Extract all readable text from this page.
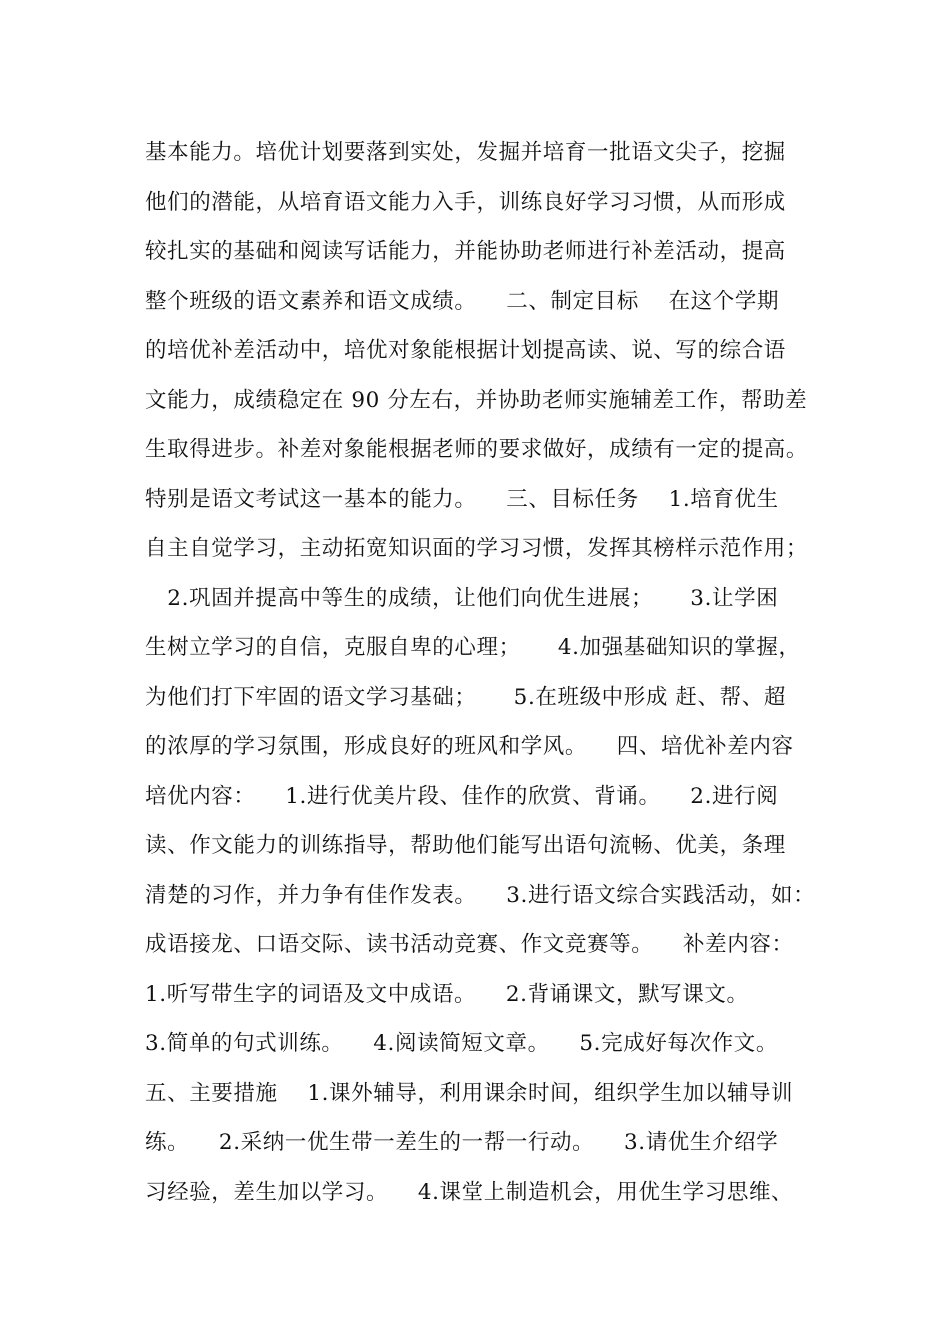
基本能力。培优计划要落到实处，发掘并培育一批语文尖子，挖掘
他们的潜能，从培育语文能力入手，训练良好学习习惯，从而形成
较扎实的基础和阅读写话能力，并能协助老师进行补差活动，提高
整个班级的语文素养和语文成绩。    二、制定目标    在这个学期
的培优补差活动中，培优对象能根据计划提高读、说、写的综合语
文能力，成绩稳定在 90 分左右，并协助老师实施辅差工作，帮助差
生取得进步。补差对象能根据老师的要求做好，成绩有一定的提高。
特别是语文考试这一基本的能力。    三、目标任务    1.培育优生
自主自觉学习，主动拓宽知识面的学习习惯，发挥其榜样示范作用；
2.巩固并提高中等生的成绩，让他们向优生进展；     3.让学困
生树立学习的自信，克服自卑的心理；     4.加强基础知识的掌握，
为他们打下牢固的语文学习基础；     5.在班级中形成 赶、帮、超
的浓厚的学习氛围，形成良好的班风和学风。    四、培优补差内容
培优内容：    1.进行优美片段、佳作的欣赏、背诵。    2.进行阅
读、作文能力的训练指导，帮助他们能写出语句流畅、优美，条理
清楚的习作，并力争有佳作发表。    3.进行语文综合实践活动，如：
成语接龙、口语交际、读书活动竞赛、作文竞赛等。    补差内容：
1.听写带生字的词语及文中成语。    2.背诵课文，默写课文。
3.简单的句式训练。    4.阅读简短文章。    5.完成好每次作文。
五、主要措施    1.课外辅导，利用课余时间，组织学生加以辅导训
练。    2.采纳一优生带一差生的一帮一行动。    3.请优生介绍学
习经验，差生加以学习。    4.课堂上制造机会，用优生学习思维、
